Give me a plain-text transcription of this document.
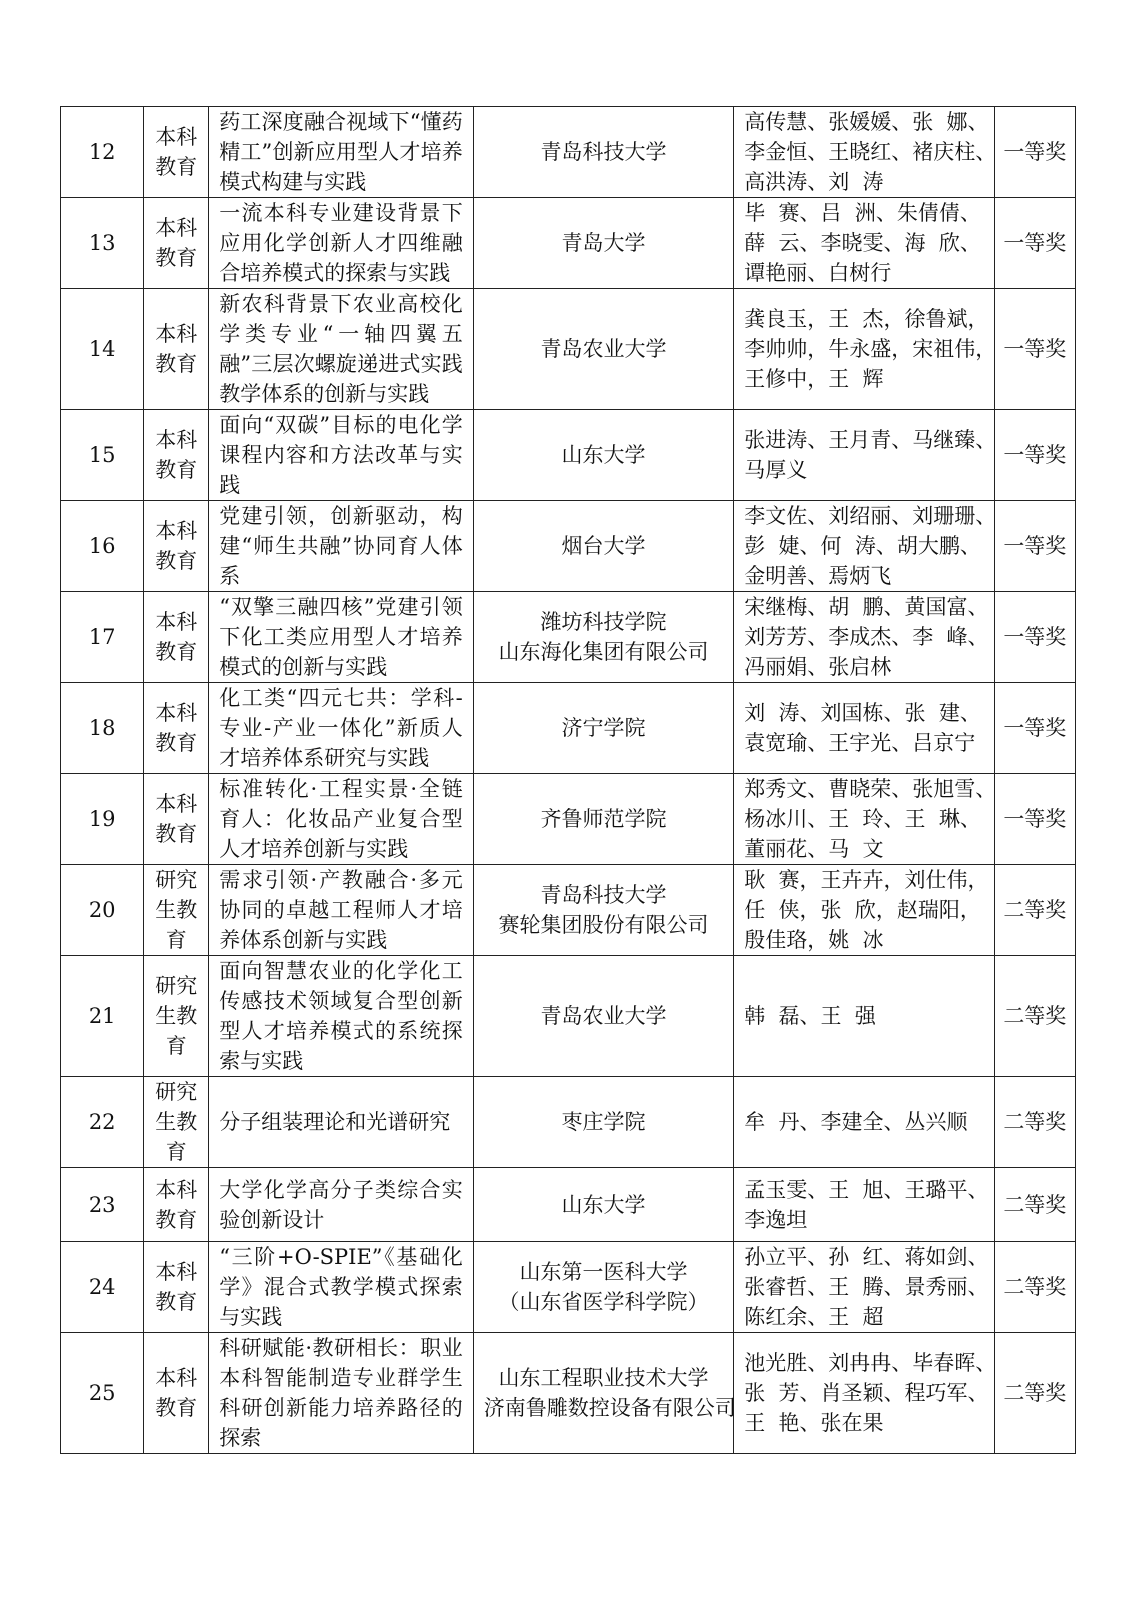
12	本科教育	药工深度融合视域下“懂药精工”创新应用型人才培养模式构建与实践	青岛科技大学	高传慧、张媛媛、张  娜、
李金恒、王晓红、褚庆柱、
高洪涛、刘  涛	一等奖
13	本科教育	一流本科专业建设背景下应用化学创新人才四维融合培养模式的探索与实践	青岛大学	毕  赛、吕  洲、朱倩倩、
薛  云、李晓雯、海  欣、
谭艳丽、白树行	一等奖
14	本科教育	新农科背景下农业高校化学类专业“一轴四翼五融”三层次螺旋递进式实践教学体系的创新与实践	青岛农业大学	龚良玉，王  杰，徐鲁斌，
李帅帅，牛永盛，宋祖伟，
王修中，王  辉	一等奖
15	本科教育	面向“双碳”目标的电化学课程内容和方法改革与实践	山东大学	张进涛、王月青、马继臻、
马厚义	一等奖
16	本科教育	党建引领，创新驱动，构建“师生共融”协同育人体系	烟台大学	李文佐、刘绍丽、刘珊珊、
彭  婕、何  涛、胡大鹏、
金明善、焉炳飞	一等奖
17	本科教育	“双擎三融四核”党建引领下化工类应用型人才培养模式的创新与实践	潍坊科技学院
山东海化集团有限公司	宋继梅、胡  鹏、黄国富、
刘芳芳、李成杰、李  峰、
冯丽娟、张启林	一等奖
18	本科教育	化工类“四元七共：学科-专业-产业一体化”新质人才培养体系研究与实践	济宁学院	刘  涛、刘国栋、张  建、
袁宽瑜、王宇光、吕京宁	一等奖
19	本科教育	标准转化·工程实景·全链育人：化妆品产业复合型人才培养创新与实践	齐鲁师范学院	郑秀文、曹晓荣、张旭雪、
杨冰川、王  玲、王  琳、
董丽花、马  文	一等奖
20	研究生教育	需求引领·产教融合·多元协同的卓越工程师人才培养体系创新与实践	青岛科技大学
赛轮集团股份有限公司	耿  赛，王卉卉，刘仕伟，
任  侠，张  欣，赵瑞阳，
殷佳珞，姚  冰	二等奖
21	研究生教育	面向智慧农业的化学化工传感技术领域复合型创新型人才培养模式的系统探索与实践	青岛农业大学	韩  磊、王  强	二等奖
22	研究生教育	分子组装理论和光谱研究	枣庄学院	牟  丹、李建全、丛兴顺	二等奖
23	本科教育	大学化学高分子类综合实验创新设计	山东大学	孟玉雯、王  旭、王璐平、
李逸坦	二等奖
24	本科教育	“三阶+O-SPIE”《基础化学》混合式教学模式探索与实践	山东第一医科大学
（山东省医学科学院）	孙立平、孙  红、蒋如剑、
张睿哲、王  腾、景秀丽、
陈红余、王  超	二等奖
25	本科教育	科研赋能·教研相长：职业本科智能制造专业群学生科研创新能力培养路径的探索	山东工程职业技术大学
济南鲁雕数控设备有限公司	池光胜、刘冉冉、毕春晖、
张  芳、肖圣颖、程巧军、
王  艳、张在果	二等奖
